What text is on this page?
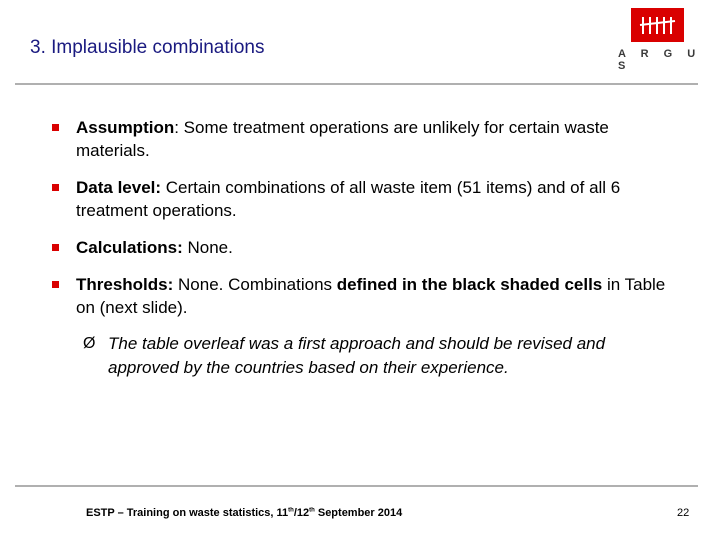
3. Implausible combinations	A R G U S
Assumption: Some treatment operations are unlikely for certain waste materials.
Data level: Certain combinations of all waste item (51 items) and of all 6 treatment operations.
Calculations: None.
Thresholds: None. Combinations defined in the black shaded cells in Table on (next slide).
Ø The table overleaf was a first approach and should be revised and approved by the countries based on their experience.
ESTP – Training on waste statistics, 11th/12th September 2014	22
